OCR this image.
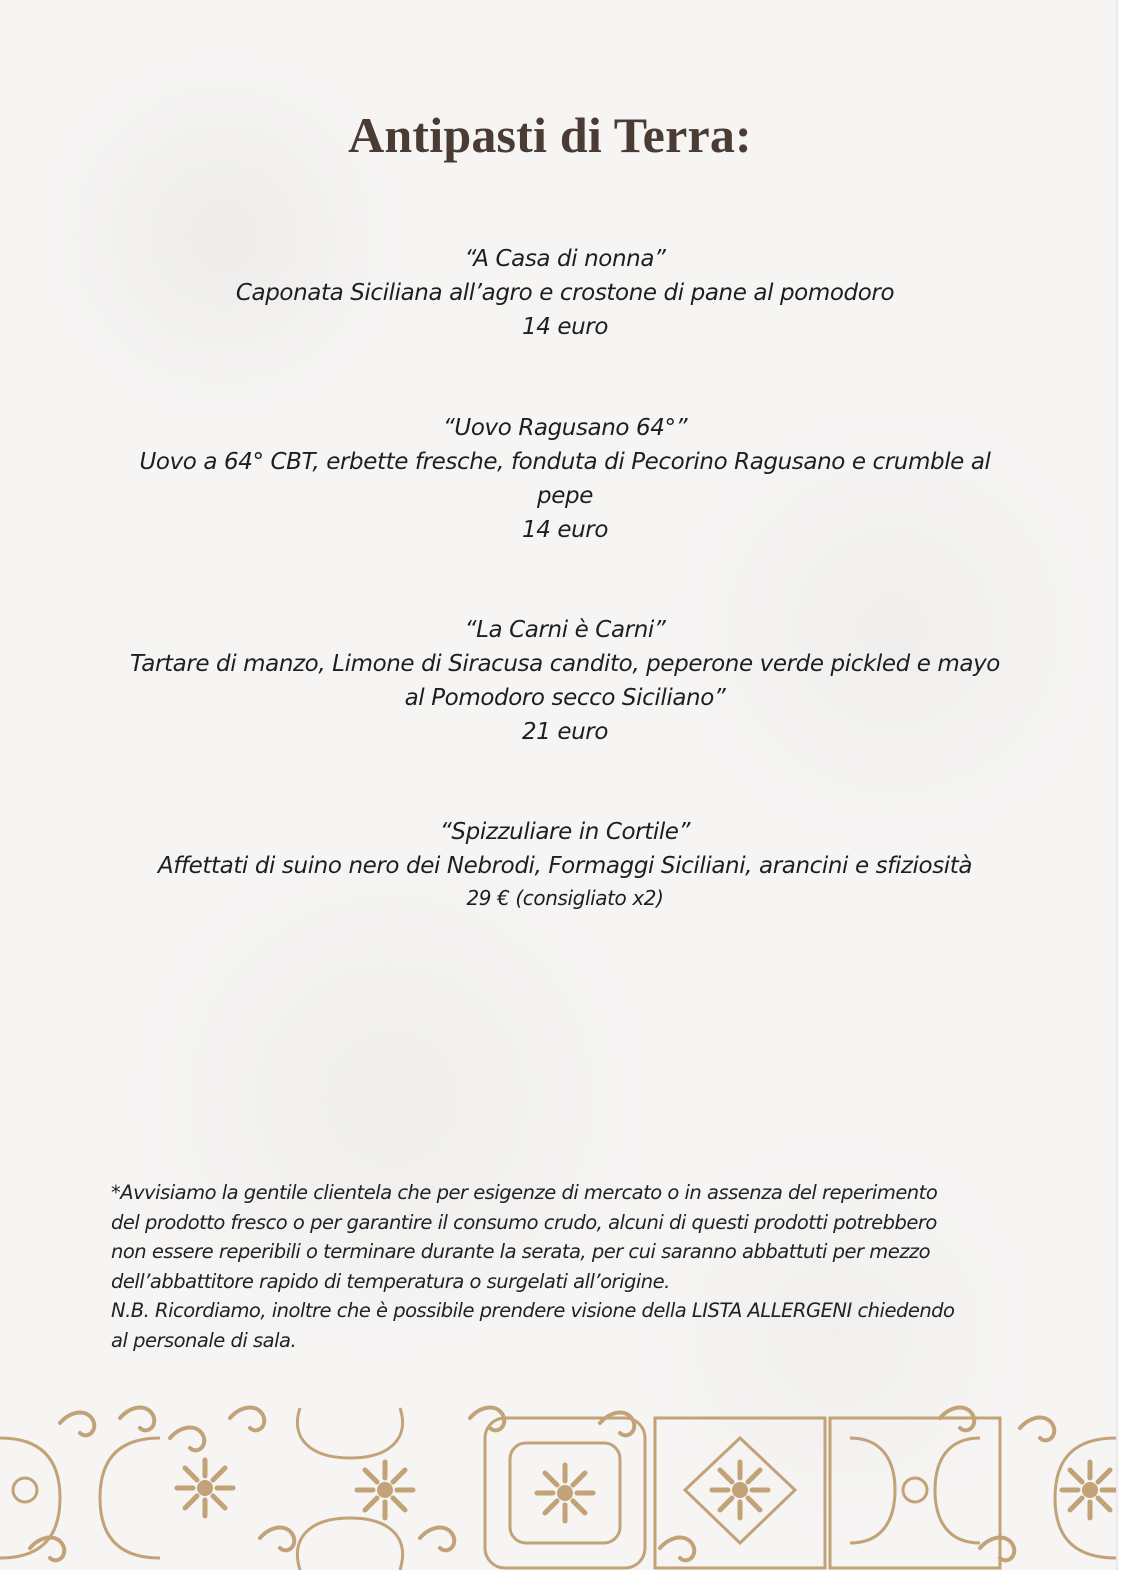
Antipasti di Terra:
“A Casa di nonna”
Caponata Siciliana all’agro e crostone di pane al pomodoro
14 euro
“Uovo Ragusano 64°”
Uovo a 64° CBT, erbette fresche, fonduta di Pecorino Ragusano e crumble al
pepe
14 euro
“La Carni è Carni”
Tartare di manzo, Limone di Siracusa candito, peperone verde pickled e mayo
al Pomodoro secco Siciliano”
21 euro
“Spizzuliare in Cortile”
Affettati di suino nero dei Nebrodi, Formaggi Siciliani, arancini e sfiziosità
29 € (consigliato x2)
*Avvisiamo la gentile clientela che per esigenze di mercato o in assenza del reperimento
del prodotto fresco o per garantire il consumo crudo, alcuni di questi prodotti potrebbero
non essere reperibili o terminare durante la serata, per cui saranno abbattuti per mezzo
dell’abbattitore rapido di temperatura o surgelati all’origine.
N.B. Ricordiamo, inoltre che è possibile prendere visione della LISTA ALLERGENI chiedendo
al personale di sala.
